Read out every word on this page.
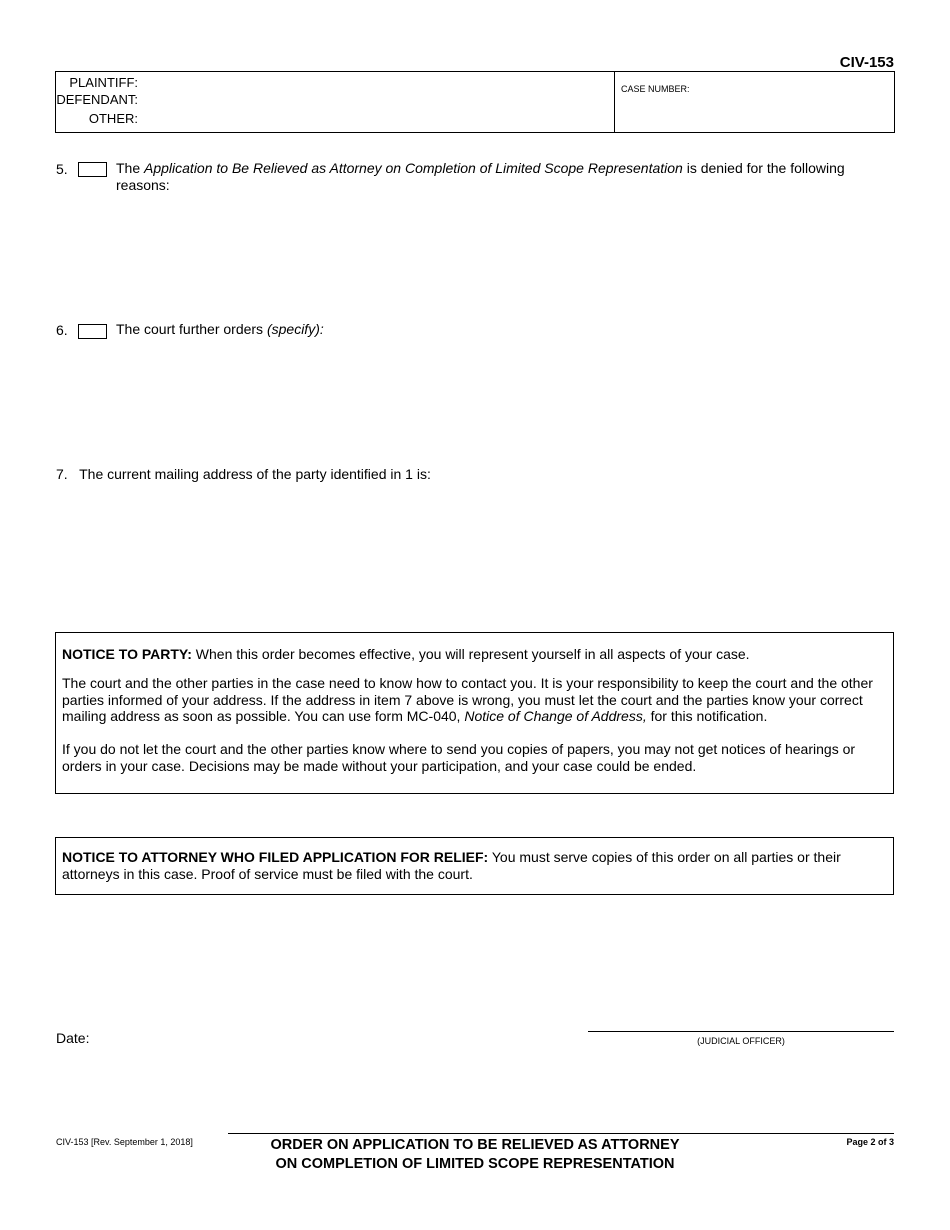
CIV-153
PLAINTIFF:
DEFENDANT:
OTHER:
CASE NUMBER:
5.	The Application to Be Relieved as Attorney on Completion of Limited Scope Representation is denied for the following reasons:
6.	The court further orders (specify):
7. The current mailing address of the party identified in 1 is:

NOTICE TO PARTY: When this order becomes effective, you will represent yourself in all aspects of your case.

The court and the other parties in the case need to know how to contact you. It is your responsibility to keep the court and the other parties informed of your address. If the address in item 7 above is wrong, you must let the court and the parties know your correct mailing address as soon as possible. You can use form MC-040, Notice of Change of Address, for this notification.

If you do not let the court and the other parties know where to send you copies of papers, you may not get notices of hearings or orders in your case. Decisions may be made without your participation, and your case could be ended.

NOTICE TO ATTORNEY WHO FILED APPLICATION FOR RELIEF: You must serve copies of this order on all parties or their attorneys in this case. Proof of service must be filed with the court.

Date:	(JUDICIAL OFFICER)
CIV-153 [Rev. September 1, 2018]	ORDER ON APPLICATION TO BE RELIEVED AS ATTORNEY
ON COMPLETION OF LIMITED SCOPE REPRESENTATION
Page 2 of 3
